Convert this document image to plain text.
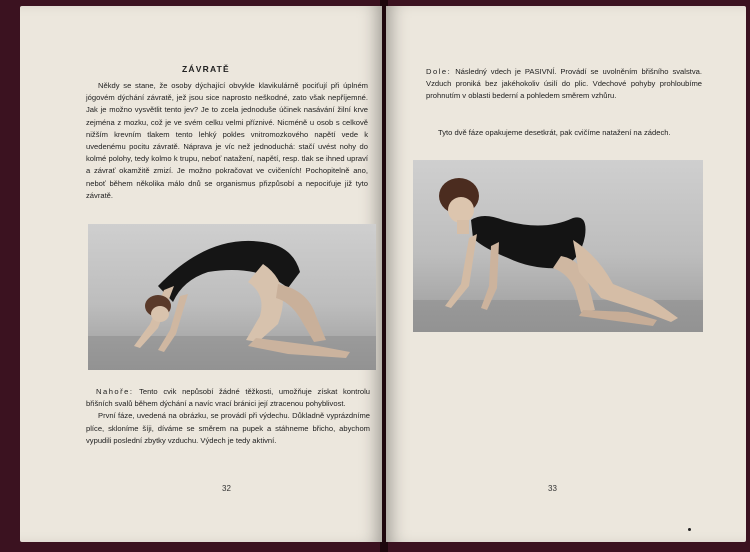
ZÁVRATĚ

Někdy se stane, že osoby dýchající obvykle klavikulárně pociťují při úplném jógovém dýchání závratě, jež jsou sice naprosto neškodné, zato však nepříjemné. Jak je možno vysvětlit tento jev? Je to zcela jednoduše účinek nasávání žilní krve zejména z mozku, což je ve svém celku velmi příznivé. Nicméně u osob s celkově nižším krevním tlakem tento lehký pokles vnitromozkového napětí vede k uvedenému pocitu závratě. Náprava je víc než jednoduchá: stačí uvést nohy do kolmé polohy, tedy kolmo k trupu, neboť natažení, napětí, resp. tlak se ihned upraví a závrať okamžitě zmizí. Je možno pokračovat ve cvičeních! Pochopitelně ano, neboť během několika málo dnů se organismus přizpůsobí a nepociťuje již tyto závratě.

Nahoře: Tento cvik nepůsobí žádné těžkosti, umožňuje získat kontrolu břišních svalů během dýchání a navíc vrací bránici její ztracenou pohyblivost.

První fáze, uvedená na obrázku, se provádí při výdechu. Důkladně vyprázdníme plíce, skloníme šíji, díváme se směrem na pupek a stáhneme břicho, abychom vypudili poslední zbytky vzduchu. Výdech je tedy aktivní.

32

Dole: Následný vdech je PASIVNÍ. Provádí se uvolněním břišního svalstva. Vzduch proniká bez jakéhokoliv úsilí do plic. Vdechové pohyby prohloubíme prohnutím v oblasti bederní a pohledem směrem vzhůru.

Tyto dvě fáze opakujeme desetkrát, pak cvičíme natažení na zádech.

33
